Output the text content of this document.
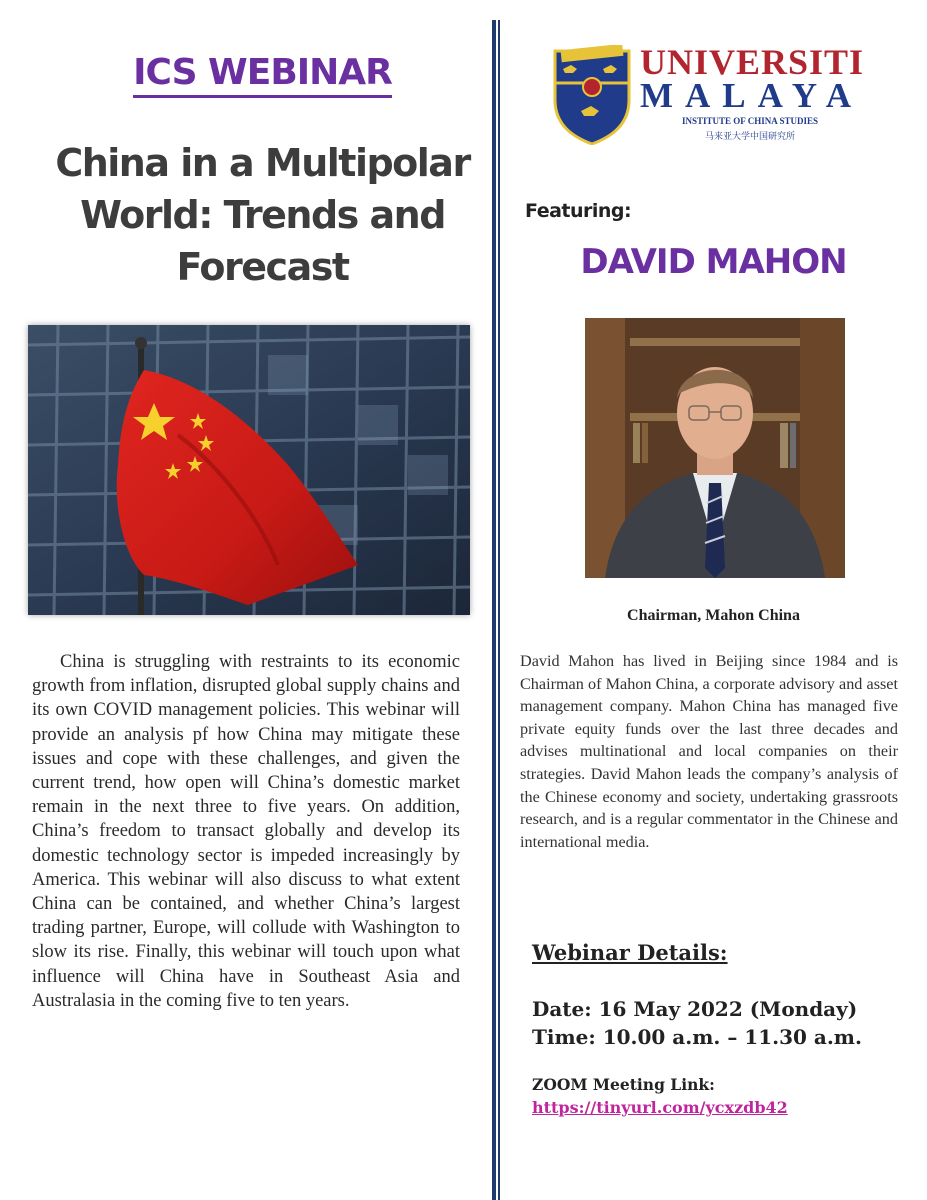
ICS WEBINAR
China in a Multipolar World: Trends and Forecast
China is struggling with restraints to its economic growth from inflation, disrupted global supply chains and its own COVID management policies. This webinar will provide an analysis pf how China may mitigate these issues and cope with these challenges, and given the current trend, how open will China’s domestic market remain in the next three to five years. On addition, China’s freedom to transact globally and develop its domestic technology sector is impeded increasingly by America. This webinar will also discuss to what extent China can be contained, and whether China’s largest trading partner, Europe, will collude with Washington to slow its rise. Finally, this webinar will touch upon what influence will China have in Southeast Asia and Australasia in the coming five to ten years.
UNIVERSITI
MALAYA
INSTITUTE OF CHINA STUDIES
马来亚大学中国研究所
Featuring:
DAVID MAHON
Chairman, Mahon China
David Mahon has lived in Beijing since 1984 and is Chairman of Mahon China, a corporate advisory and asset management company. Mahon China has managed five private equity funds over the last three decades and advises multinational and local companies on their strategies. David Mahon leads the company’s analysis of the Chinese economy and society, undertaking grassroots research, and is a regular commentator in the Chinese and international media.
Webinar Details:
Date: 16 May 2022 (Monday)
Time: 10.00 a.m. – 11.30 a.m.
ZOOM Meeting Link:
https://tinyurl.com/ycxzdb42
